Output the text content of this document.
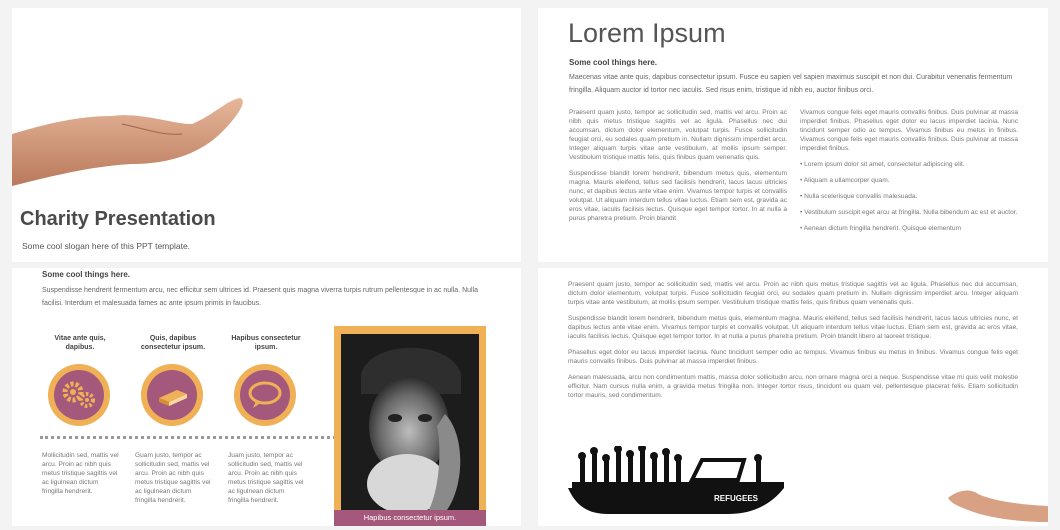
Charity Presentation
Some cool slogan here of this PPT template.
Lorem Ipsum
Some cool things here.
Maecenas vitae ante quis, dapibus consectetur ipsum. Fusce eu sapien vel sapien maximus suscipit et non dui. Curabitur venenatis fermentum fringilla. Aliquam auctor id tortor nec iaculis. Sed risus enim, tristique id nibh eu, auctor finibus orci.

Praesent quam justo, tempor ac sollicitudin sed, mattis vel arcu. Proin ac nibh quis metus tristique sagittis vel ac ligula. Phasellus nec dui accumsan, dictum dolor elementum, volutpat turpis. Fusce sollicitudin feugiat orci, eu sodales quam pretium in. Nullam dignissim imperdiet arcu. Integer aliquam turpis vitae ante vestibulum, at mollis ipsum semper. Vestibulum tristique mattis felis, quis finibus quam venenatis quis.

Suspendisse blandit lorem hendrerit, bibendum metus quis, elementum magna. Mauris eleifend, tellus sed facilisis hendrerit, lacus lacus ultricies nunc, et dapibus lectus ante vitae enim. Vivamus tempor turpis et convallis volutpat. Ut aliquam interdum tellus vitae luctus. Etiam sem est, gravida ac eros vitae, iaculis facilisis lectus. Quisque eget tempor tortor. In at nulla a purus pharetra pretium. Proin blandit

Vivamus congue felis eget mauris convallis finibus. Duis pulvinar at massa imperdiet finibus. Phasellus eget dolor eu lacus imperdiet lacinia. Nunc tincidunt semper odio ac tempus. Vivamus finibus eu metus in finibus. Vivamus congue felis eget mauris convallis finibus. Duis pulvinar at massa imperdiet finibus.

• Lorem ipsum dolor sit amet, consectetur adipiscing elit.
• Aliquam a ullamcorper quam.
• Nulla scelerisque convallis malesuada.
• Vestibulum suscipit eget arcu at fringilla. Nulla bibendum ac est et auctor.
• Aenean dictum fringilla hendrerit. Quisque elementum
Some cool things here.
Suspendisse hendrerit fermentum arcu, nec efficitur sem ultrices id. Praesent quis magna viverra turpis rutrum pellentesque in ac nulla. Nulla facilisi. Interdum et malesuada fames ac ante ipsum primis in faucibus.
Vitae ante quis, dapibus.
Quis, dapibus consectetur ipsum.
Hapibus consectetur ipsum.
Mollicitudin sed, mattis vel arcu. Proin ac nibh quis metus tristique sagittis vel ac ligulnean dictum fringilla hendrerit.
Guam justo, tempor ac sollicitudin sed, mattis vel arcu. Proin ac nibh quis metus tristique sagittis vel ac ligulnean dictum fringilla hendrerit.
Juam justo, tempor ac sollicitudin sed, mattis vel arcu. Proin ac nibh quis metus tristique sagittis vel ac ligulnean dictum fringilla hendrerit.
Hapibus consectetur ipsum.

Praesent quam justo, tempor ac sollicitudin sed, mattis vel arcu. Proin ac nibh quis metus tristique sagittis vel ac ligula. Phasellus nec dui accumsan, dictum dolor elementum, volutpat turpis. Fusce sollicitudin feugiat orci, eu sodales quam pretium in. Nullam dignissim imperdiet arcu. Integer aliquam turpis vitae ante vestibulum, at mollis ipsum semper. Vestibulum tristique mattis felis, quis finibus quam venenatis quis.

Suspendisse blandit lorem hendrerit, bibendum metus quis, elementum magna. Mauris eleifend, tellus sed facilisis hendrerit, lacus lacus ultricies nunc, et dapibus lectus ante vitae enim. Vivamus tempor turpis et convallis volutpat. Ut aliquam interdum tellus vitae luctus. Etiam sem est, gravida ac eros vitae, iaculis facilisis lectus. Quisque eget tempor tortor. In at nulla a purus pharetra pretium. Proin blandit libero at laoreet tristique.

Phasellus eget dolor eu lacus imperdiet lacinia. Nunc tincidunt semper odio ac tempus. Vivamus finibus eu metus in finibus. Vivamus congue felis eget mauris convallis finibus. Duis pulvinar at massa imperdiet finibus.

Aenean malesuada, arcu non condimentum mattis, massa dolor sollicitudin arcu, non ornare magna orci a neque. Suspendisse vitae mi quis velit molestie efficitur. Nam cursus nulla enim, a gravida metus fringilla non. Integer tortor risus, tincidunt eu quam vel, pellentesque placerat felis. Etiam sollicitudin tortor mauris, sed condimentum.

REFUGEES
